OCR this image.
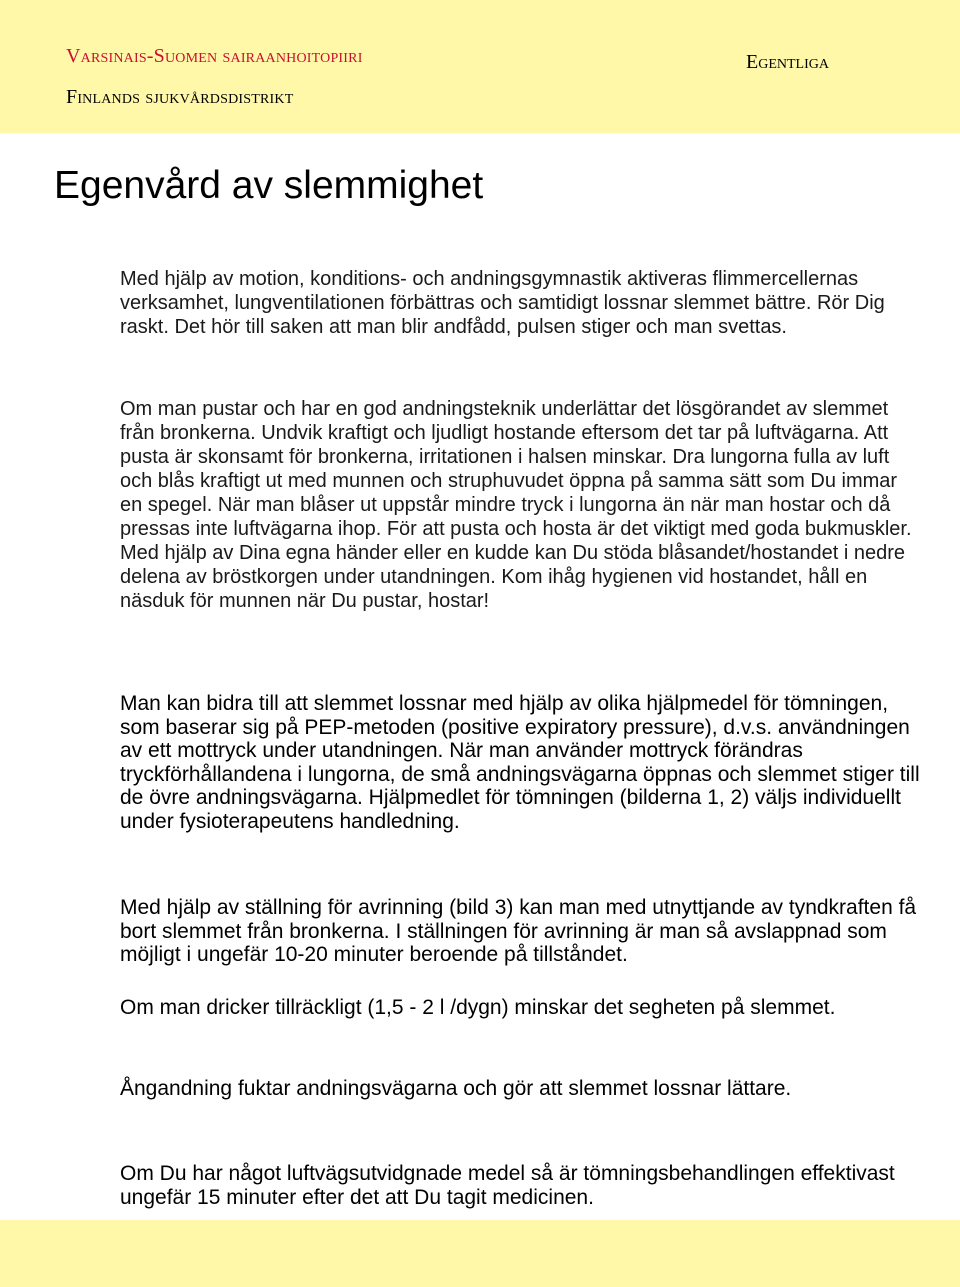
Varsinais-Suomen sairaanhoitopiiri
Finlands sjukvårdsdistrikt
Egentliga
Egenvård av slemmighet

Med hjälp av motion, konditions- och andningsgymnastik aktiveras flimmercellernas verksamhet, lungventilationen förbättras och samtidigt lossnar slemmet bättre. Rör Dig raskt. Det hör till saken att man blir andfådd, pulsen stiger och man svettas.

Om man pustar och har en god andningsteknik underlättar det lösgörandet av slemmet från bronkerna. Undvik kraftigt och ljudligt hostande eftersom det tar på luftvägarna. Att pusta är skonsamt för bronkerna, irritationen i halsen minskar. Dra lungorna fulla av luft och blås kraftigt ut med munnen och struphuvudet öppna på samma sätt som Du immar en spegel. När man blåser ut uppstår mindre tryck i lungorna än när man hostar och då pressas inte luftvägarna ihop. För att pusta och hosta är det viktigt med goda bukmuskler. Med hjälp av Dina egna händer eller en kudde kan Du stöda blåsandet/hostandet i nedre delena av bröstkorgen under utandningen. Kom ihåg hygienen vid hostandet, håll en näsduk för munnen när Du pustar, hostar!

Man kan bidra till att slemmet lossnar med hjälp av olika hjälpmedel för tömningen, som baserar sig på PEP-metoden (positive expiratory pressure), d.v.s. användningen av ett mottryck under utandningen. När man använder mottryck förändras tryckförhållandena i lungorna, de små andningsvägarna öppnas och slemmet stiger till de övre andningsvägarna. Hjälpmedlet för tömningen (bilderna 1, 2) väljs individuellt under fysioterapeutens handledning.

Med hjälp av ställning för avrinning (bild 3) kan man med utnyttjande av tyndkraften få bort slemmet från bronkerna. I ställningen för avrinning är man så avslappnad som möjligt i ungefär 10-20 minuter beroende på tillståndet.

Om man dricker tillräckligt (1,5 - 2 l /dygn) minskar det segheten på slemmet.

Ångandning fuktar andningsvägarna och gör att slemmet lossnar lättare.

Om Du har något luftvägsutvidgnade medel så är tömningsbehandlingen effektivast ungefär 15 minuter efter det att Du tagit medicinen.
